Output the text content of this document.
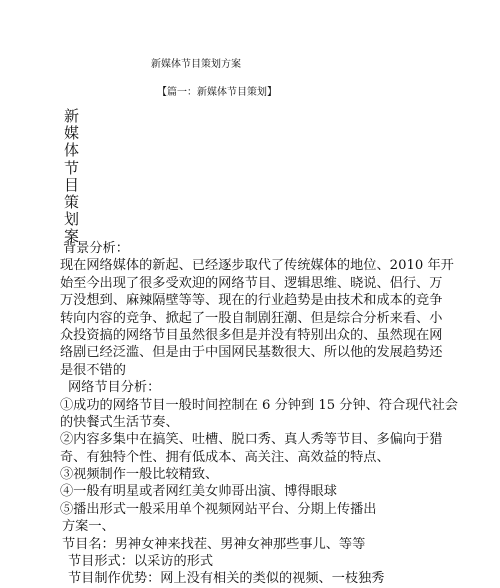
新媒体节目策划方案
【篇一：新媒体节目策划】
新
媒
体
节
目
策
划
案
背景分析：
现在网络媒体的新起、已经逐步取代了传统媒体的地位、2010 年开
始至今出现了很多受欢迎的网络节目、逻辑思维、晓说、侣行、万
万没想到、麻辣隔壁等等、现在的行业趋势是由技术和成本的竞争
转向内容的竞争、掀起了一股自制剧狂潮、但是综合分析来看、小
众投资搞的网络节目虽然很多但是并没有特别出众的、虽然现在网
络剧已经泛滥、但是由于中国网民基数很大、所以他的发展趋势还
是很不错的
网络节目分析：
①成功的网络节目一般时间控制在 6 分钟到 15 分钟、符合现代社会
的快餐式生活节奏、
②内容多集中在搞笑、吐槽、脱口秀、真人秀等节目、多偏向于猎
奇、有独特个性、拥有低成本、高关注、高效益的特点、
③视频制作一般比较精致、
④一般有明星或者网红美女帅哥出演、博得眼球
⑤播出形式一般采用单个视频网站平台、分期上传播出
方案一、
节目名：男神女神来找茬、男神女神那些事儿、等等
节目形式：以采访的形式
节目制作优势：网上没有相关的类似的视频、一枝独秀
